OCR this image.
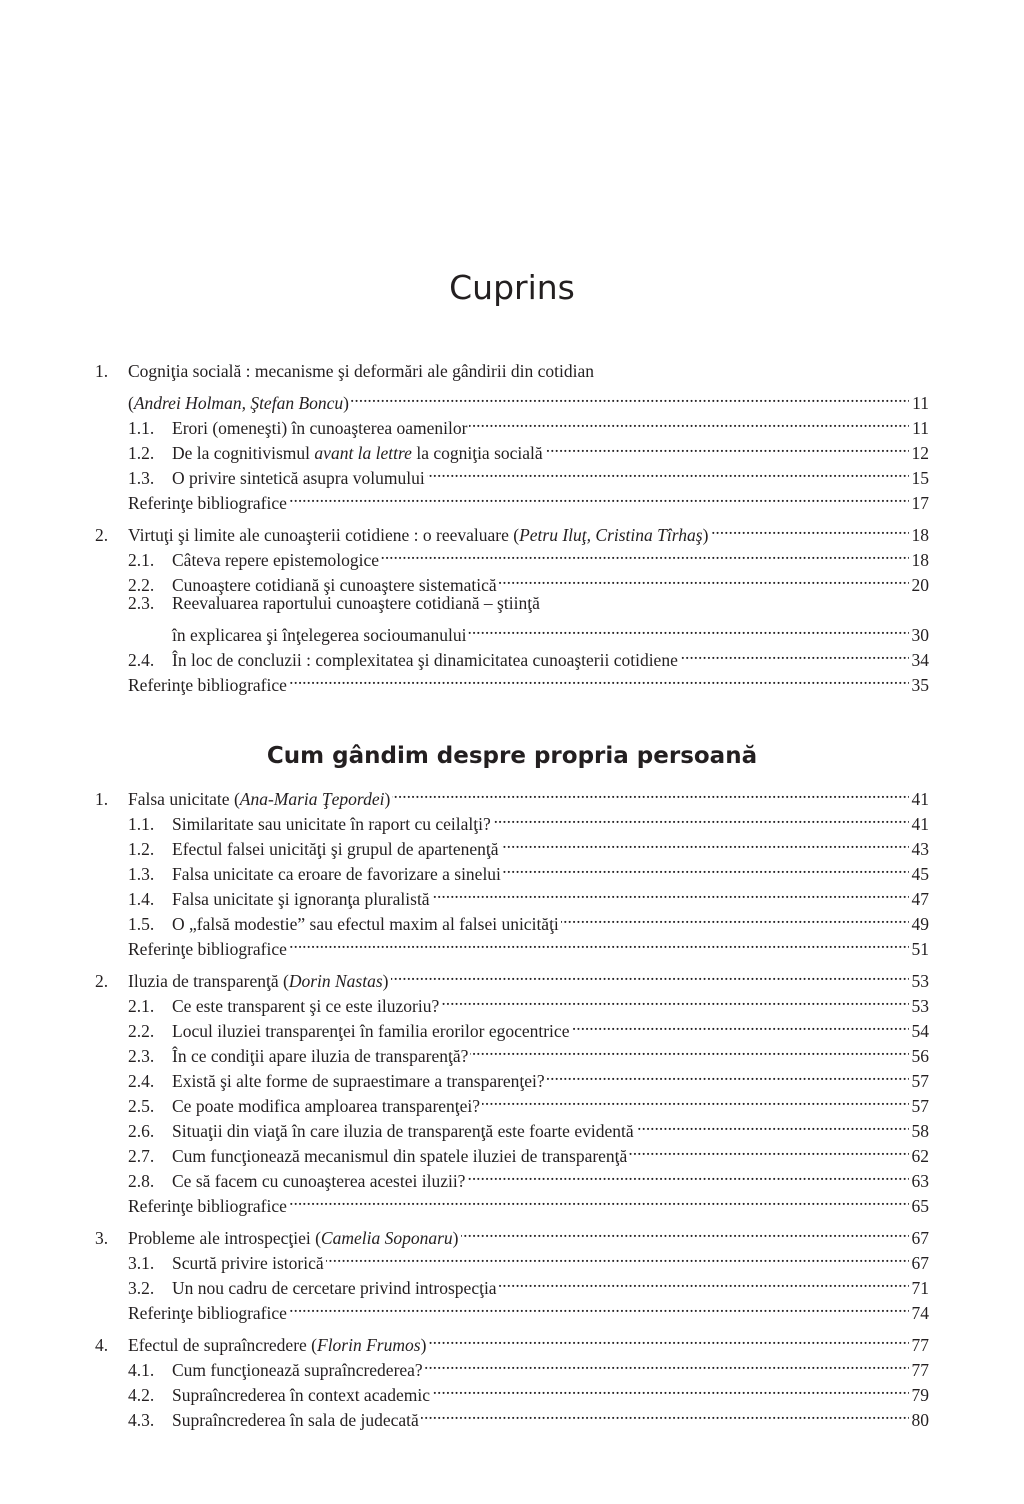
Cuprins
1.	Cogniţia socială : mecanisme şi deformări ale gândirii din cotidian
(Andrei Holman, Ştefan Boncu) . . .	11
1.1.	Erori (omeneşti) în cunoaşterea oamenilor . . .	11
1.2.	De la cognitivismul avant la lettre la cogniţia socială . . .	12
1.3.	O privire sintetică asupra volumului . . .	15
Referinţe bibliografice . . .	17
2.	Virtuţi şi limite ale cunoaşterii cotidiene : o reevaluare (Petru Iluţ, Cristina Tîrhaş) . . .	18
2.1.	Câteva repere epistemologice . . .	18
2.2.	Cunoaştere cotidiană şi cunoaştere sistematică . . .	20
2.3.	Reevaluarea raportului cunoaştere cotidiană – ştiinţă
în explicarea şi înţelegerea socioumanului . . .	30
2.4.	În loc de concluzii : complexitatea şi dinamicitatea cunoaşterii cotidiene . . .	34
Referinţe bibliografice . . .	35
Cum gândim despre propria persoană
1.	Falsa unicitate (Ana-Maria Ţepordei) . . .	41
1.1.	Similaritate sau unicitate în raport cu ceilalţi? . . .	41
1.2.	Efectul falsei unicităţi şi grupul de apartenenţă . . .	43
1.3.	Falsa unicitate ca eroare de favorizare a sinelui . . .	45
1.4.	Falsa unicitate şi ignoranţa pluralistă . . .	47
1.5.	O „falsă modestie” sau efectul maxim al falsei unicităţi . . .	49
Referinţe bibliografice . . .	51
2.	Iluzia de transparenţă (Dorin Nastas) . . .	53
2.1.	Ce este transparent şi ce este iluzoriu? . . .	53
2.2.	Locul iluziei transparenţei în familia erorilor egocentrice . . .	54
2.3.	În ce condiţii apare iluzia de transparenţă? . . .	56
2.4.	Există şi alte forme de supraestimare a transparenţei? . . .	57
2.5.	Ce poate modifica amploarea transparenţei? . . .	57
2.6.	Situaţii din viaţă în care iluzia de transparenţă este foarte evidentă . . .	58
2.7.	Cum funcţionează mecanismul din spatele iluziei de transparenţă . . .	62
2.8.	Ce să facem cu cunoaşterea acestei iluzii? . . .	63
Referinţe bibliografice . . .	65
3.	Probleme ale introspecţiei (Camelia Soponaru) . . .	67
3.1.	Scurtă privire istorică . . .	67
3.2.	Un nou cadru de cercetare privind introspecţia . . .	71
Referinţe bibliografice . . .	74
4.	Efectul de supraîncredere (Florin Frumos) . . .	77
4.1.	Cum funcţionează supraîncrederea? . . .	77
4.2.	Supraîncrederea în context academic . . .	79
4.3.	Supraîncrederea în sala de judecată . . .	80
